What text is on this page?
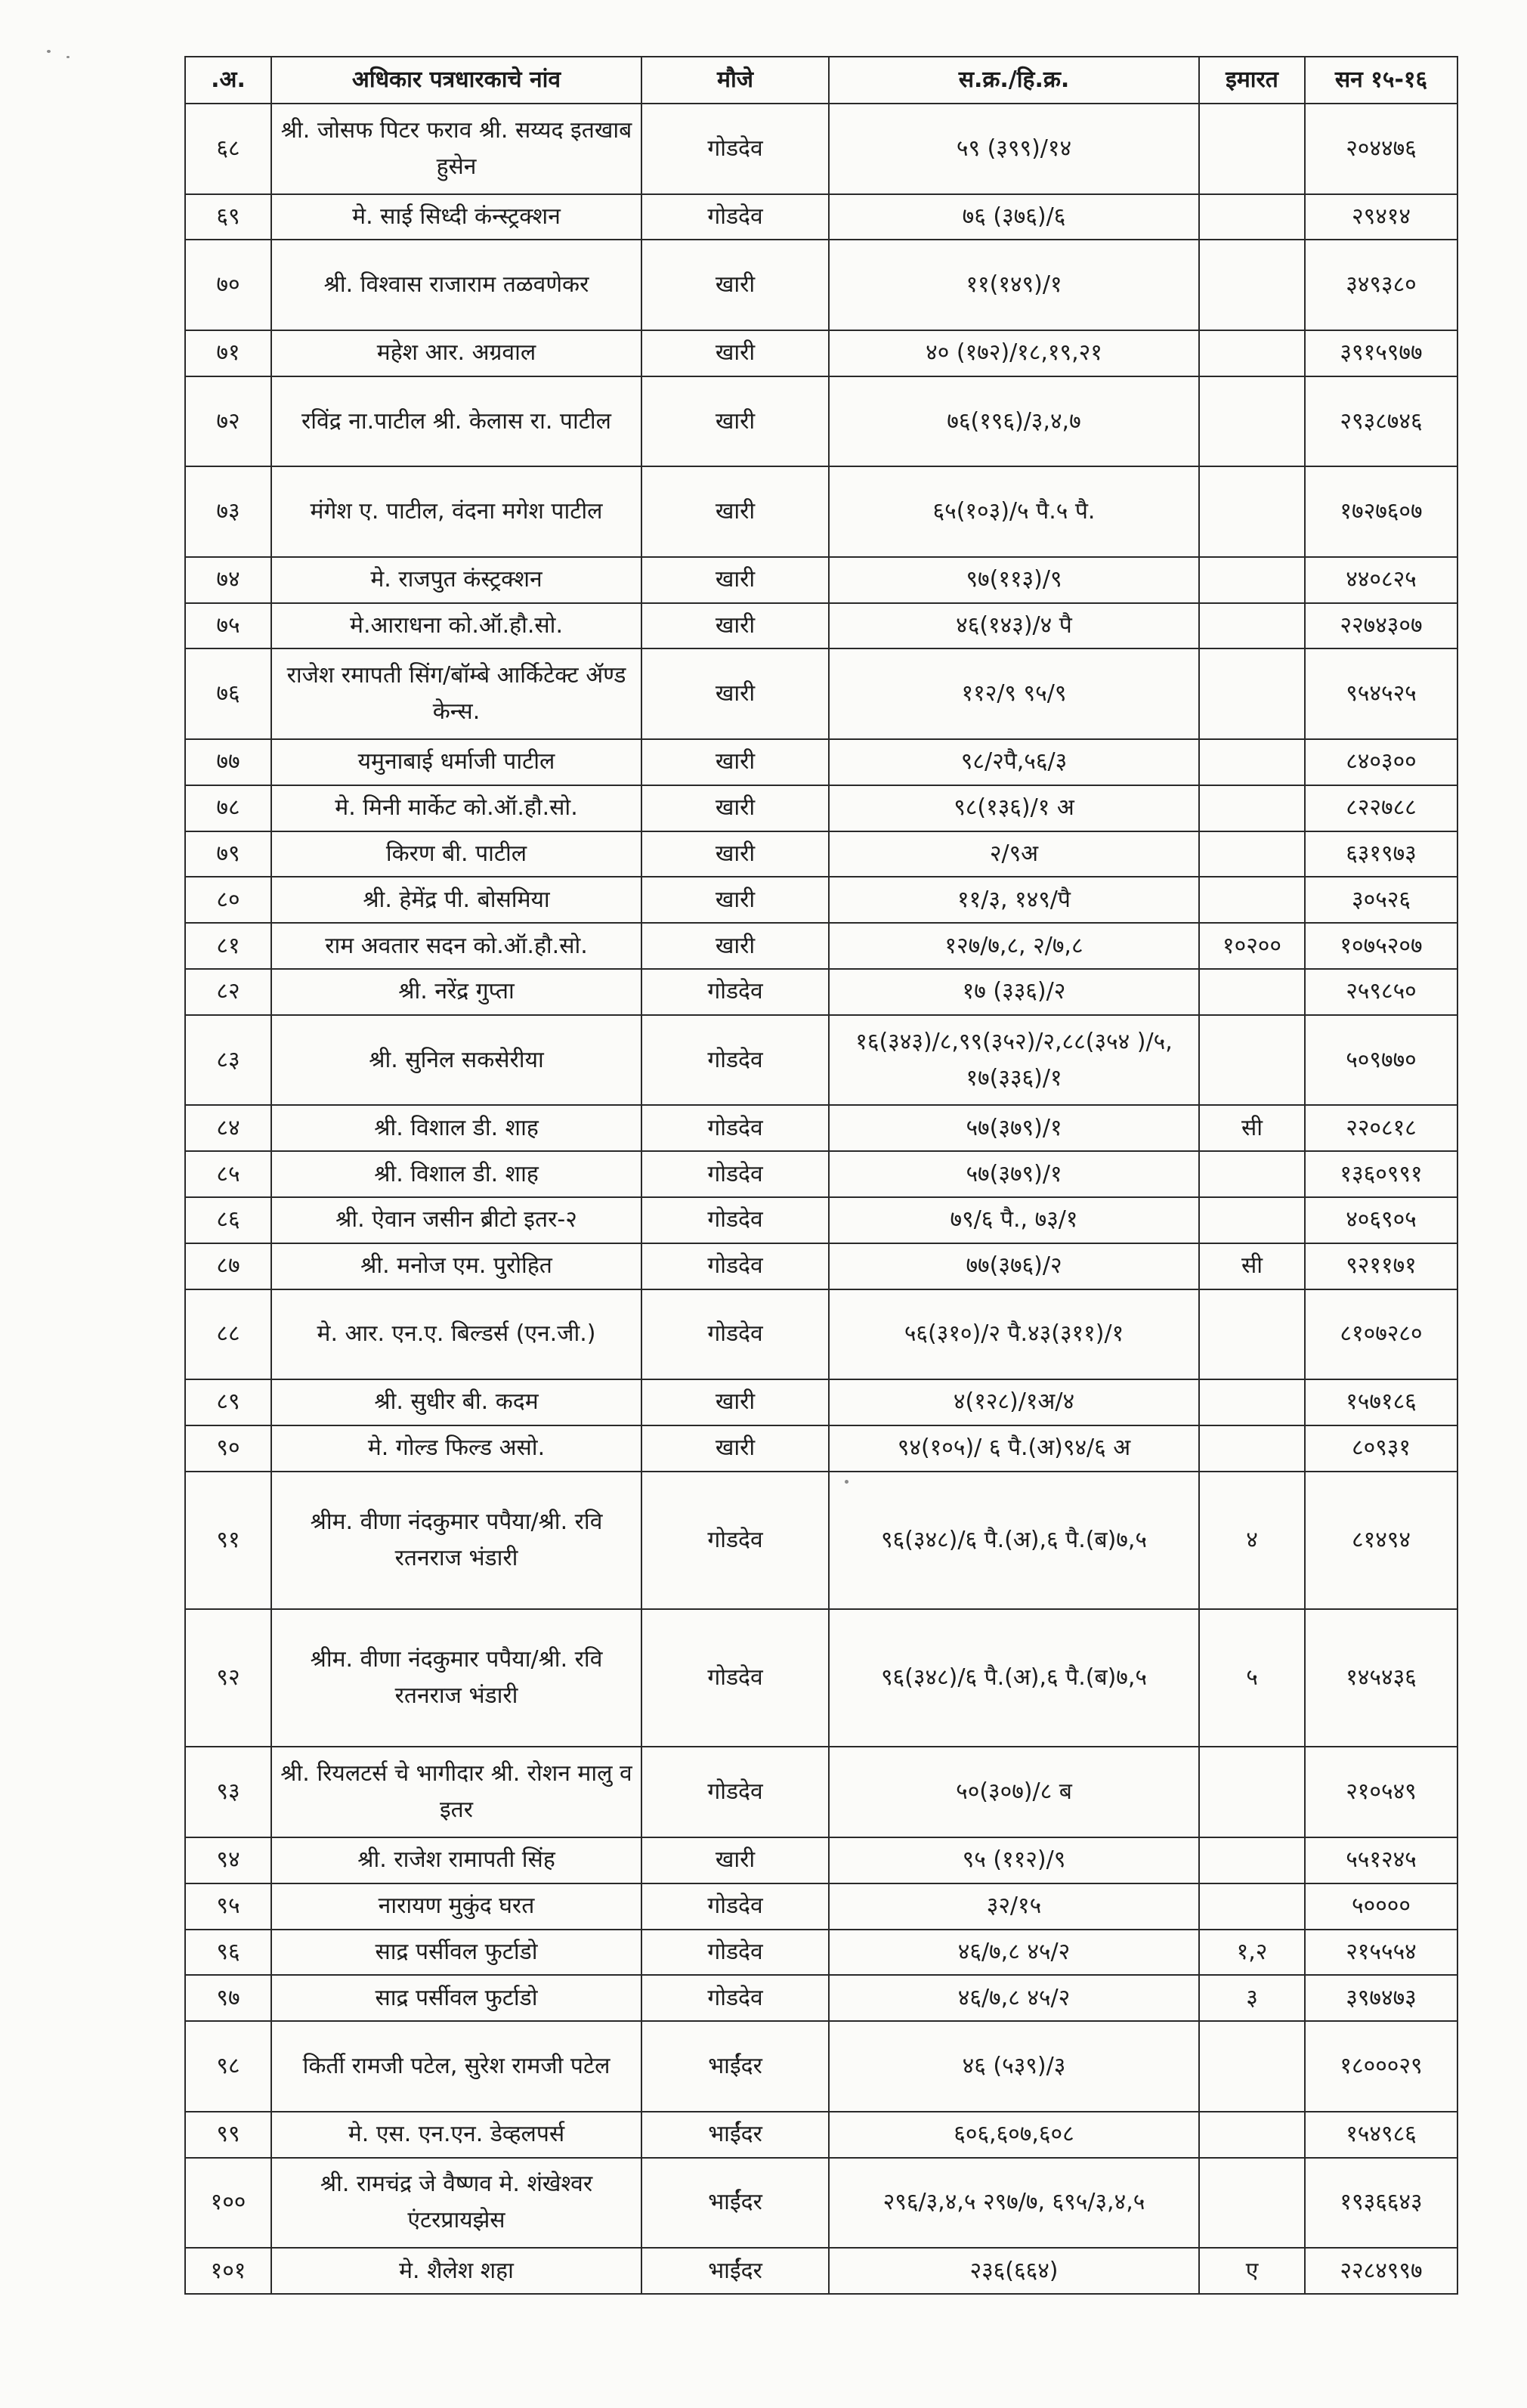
.अ.	अधिकार पत्रधारकाचे नांव	मौजे	स.क्र./हि.क्र.	इमारत	सन १५-१६
६८	श्री. जोसफ पिटर फराव श्री. सय्यद इतखाब हुसेन	गोडदेव	५९ (३९९)/१४		२०४४७६
६९	मे. साई सिध्दी कंन्स्ट्रक्शन	गोडदेव	७६ (३७६)/६		२९४१४
७०	श्री. विश्वास राजाराम तळवणेकर	खारी	११(१४९)/१		३४९३८०
७१	महेश आर. अग्रवाल	खारी	४० (१७२)/१८,१९,२१		३९१५९७७
७२	रविंद्र ना.पाटील श्री. केलास रा. पाटील	खारी	७६(१९६)/३,४,७		२९३८७४६
७३	मंगेश ए. पाटील, वंदना मगेश पाटील	खारी	६५(१०३)/५ पै.५ पै.		१७२७६०७
७४	मे. राजपुत कंस्ट्रक्शन	खारी	९७(११३)/९		४४०८२५
७५	मे.आराधना को.ऑ.हौ.सो.	खारी	४६(१४३)/४ पै		२२७४३०७
७६	राजेश रमापती सिंग/बॉम्बे आर्किटेक्ट ॲण्ड केन्स.	खारी	११२/९ ९५/९		९५४५२५
७७	यमुनाबाई धर्माजी पाटील	खारी	९८/२पै,५६/३		८४०३००
७८	मे. मिनी मार्केट को.ऑ.हौ.सो.	खारी	९८(१३६)/१ अ		८२२७८८
७९	किरण बी. पाटील	खारी	२/९अ		६३१९७३
८०	श्री. हेमेंद्र पी. बोसमिया	खारी	११/३, १४९/पै		३०५२६
८१	राम अवतार सदन को.ऑ.हौ.सो.	खारी	१२७/७,८, २/७,८	१०२००	१०७५२०७
८२	श्री. नरेंद्र गुप्ता	गोडदेव	१७ (३३६)/२		२५९८५०
८३	श्री. सुनिल सकसेरीया	गोडदेव	१६(३४३)/८,९९(३५२)/२,८८(३५४ )/५, १७(३३६)/१		५०९७७०
८४	श्री. विशाल डी. शाह	गोडदेव	५७(३७९)/१	सी	२२०८१८
८५	श्री. विशाल डी. शाह	गोडदेव	५७(३७९)/१		१३६०९९१
८६	श्री. ऐवान जसीन ब्रीटो इतर-२	गोडदेव	७९/६ पै., ७३/१		४०६९०५
८७	श्री. मनोज एम. पुरोहित	गोडदेव	७७(३७६)/२	सी	९२११७१
८८	मे. आर. एन.ए. बिल्डर्स (एन.जी.)	गोडदेव	५६(३१०)/२ पै.४३(३११)/१		८१०७२८०
८९	श्री. सुधीर बी. कदम	खारी	४(१२८)/१अ/४		१५७१८६
९०	मे. गोल्ड फिल्ड असो.	खारी	९४(१०५)/ ६ पै.(अ)९४/६ अ		८०९३१
९१	श्रीम. वीणा नंदकुमार पपैया/श्री. रवि रतनराज भंडारी	गोडदेव	९६(३४८)/६ पै.(अ),६ पै.(ब)७,५	४	८१४९४
९२	श्रीम. वीणा नंदकुमार पपैया/श्री. रवि रतनराज भंडारी	गोडदेव	९६(३४८)/६ पै.(अ),६ पै.(ब)७,५	५	१४५४३६
९३	श्री. रियलटर्स चे भागीदार श्री. रोशन मालु व इतर	गोडदेव	५०(३०७)/८ ब		२१०५४९
९४	श्री. राजेश रामापती सिंह	खारी	९५ (११२)/९		५५१२४५
९५	नारायण मुकुंद घरत	गोडदेव	३२/१५		५००००
९६	साद्र पर्सीवल फुर्टाडो	गोडदेव	४६/७,८ ४५/२	१,२	२१५५५४
९७	साद्र पर्सीवल फुर्टाडो	गोडदेव	४६/७,८ ४५/२	३	३९७४७३
९८	किर्ती रामजी पटेल, सुरेश रामजी पटेल	भाईंदर	४६ (५३९)/३		१८०००२९
९९	मे. एस. एन.एन. डेव्हलपर्स	भाईंदर	६०६,६०७,६०८		१५४९८६
१००	श्री. रामचंद्र जे वैष्णव मे. शंखेश्वर एंटरप्रायझेस	भाईंदर	२९६/३,४,५ २९७/७, ६९५/३,४,५		१९३६६४३
१०१	मे. शैलेश शहा	भाईंदर	२३६(६६४)	ए	२२८४९९७
